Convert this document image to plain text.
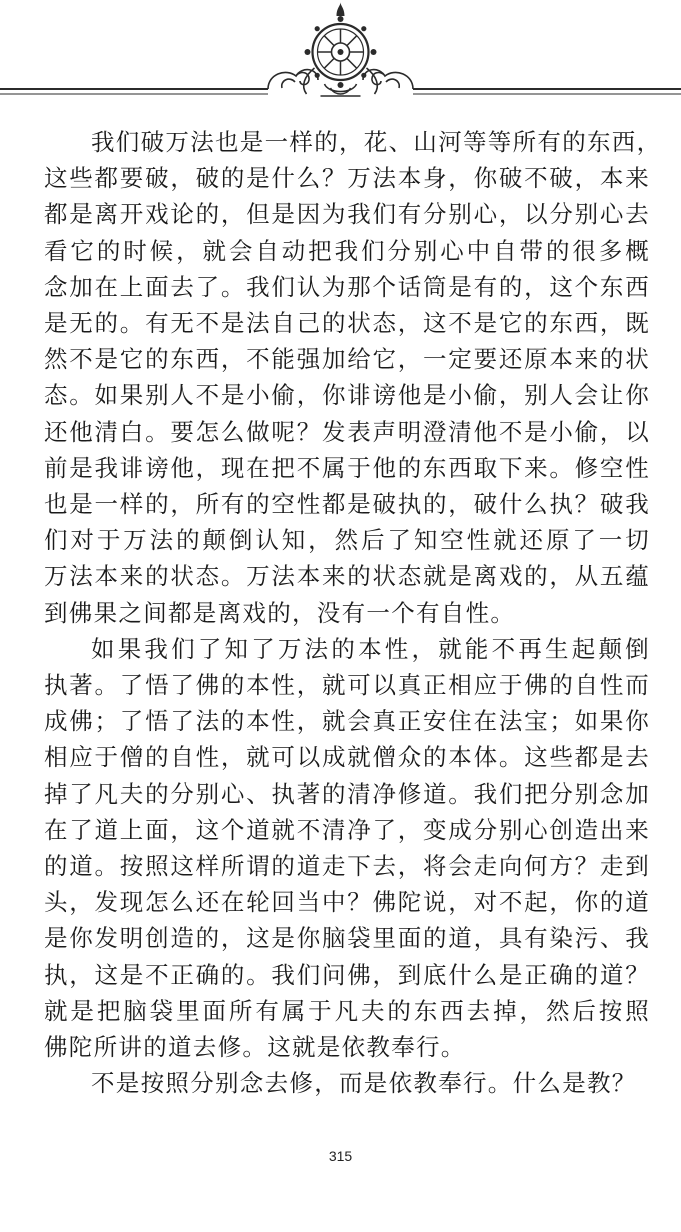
我们破万法也是一样的，花、山河等等所有的东西，
这些都要破，破的是什么？万法本身，你破不破，本来
都是离开戏论的，但是因为我们有分别心，以分别心去
看它的时候，就会自动把我们分别心中自带的很多概
念加在上面去了。我们认为那个话筒是有的，这个东西
是无的。有无不是法自己的状态，这不是它的东西，既
然不是它的东西，不能强加给它，一定要还原本来的状
态。如果别人不是小偷，你诽谤他是小偷，别人会让你
还他清白。要怎么做呢？发表声明澄清他不是小偷，以
前是我诽谤他，现在把不属于他的东西取下来。修空性
也是一样的，所有的空性都是破执的，破什么执？破我
们对于万法的颠倒认知，然后了知空性就还原了一切
万法本来的状态。万法本来的状态就是离戏的，从五蕴
到佛果之间都是离戏的，没有一个有自性。
如果我们了知了万法的本性，就能不再生起颠倒
执著。了悟了佛的本性，就可以真正相应于佛的自性而
成佛；了悟了法的本性，就会真正安住在法宝；如果你
相应于僧的自性，就可以成就僧众的本体。这些都是去
掉了凡夫的分别心、执著的清净修道。我们把分别念加
在了道上面，这个道就不清净了，变成分别心创造出来
的道。按照这样所谓的道走下去，将会走向何方？走到
头，发现怎么还在轮回当中？佛陀说，对不起，你的道
是你发明创造的，这是你脑袋里面的道，具有染污、我
执，这是不正确的。我们问佛，到底什么是正确的道？
就是把脑袋里面所有属于凡夫的东西去掉，然后按照
佛陀所讲的道去修。这就是依教奉行。
不是按照分别念去修，而是依教奉行。什么是教？
315
